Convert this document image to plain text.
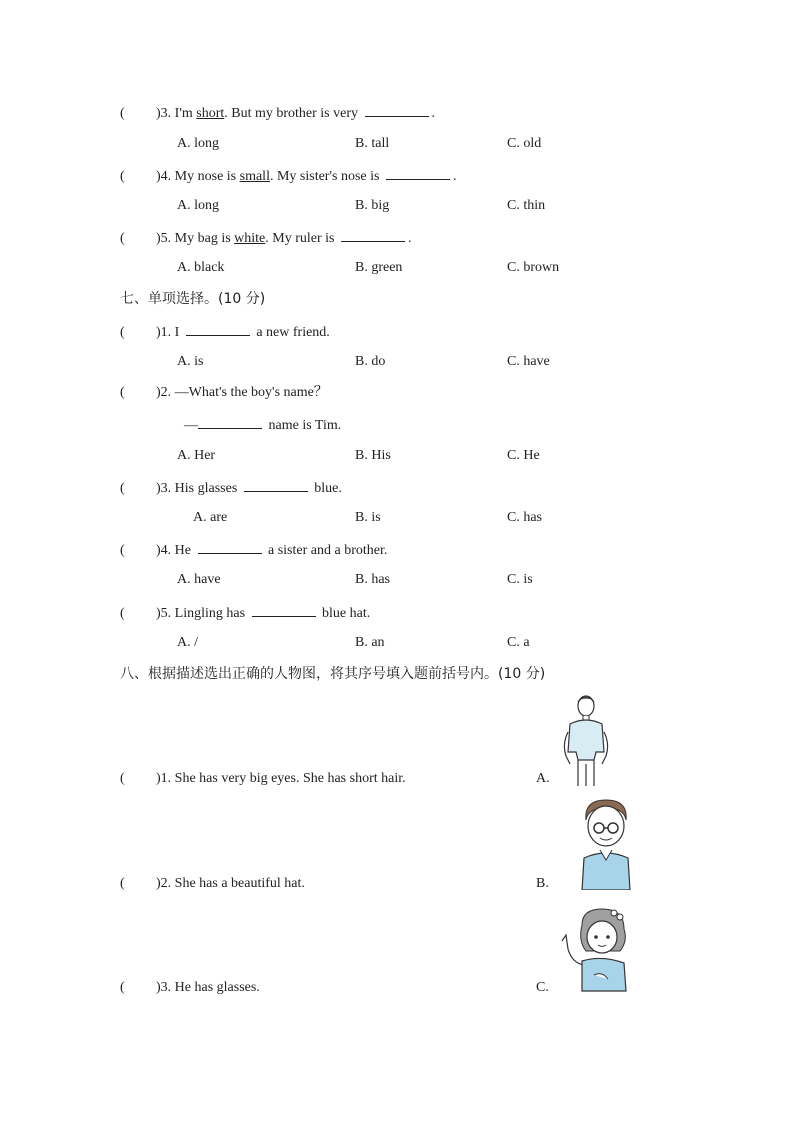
( )3. I'm short. But my brother is very	.
A. long	B. tall	C. old
( )4. My nose is small. My sister's nose is	.
A. long	B. big	C. thin
( )5. My bag is white. My ruler is	.
A. black	B. green	C. brown
七、单项选择。(10 分)
( )1. I	a new friend.
A. is	B. do	C. have
( )2. —What's the boy's name？
—	name is Tim.
A. Her	B. His	C. He
( )3. His glasses	blue.
A. are	B. is	C. has
( )4. He	a sister and a brother.
A. have	B. has	C. is
( )5. Lingling has	blue hat.
A. /	B. an	C. a
八、根据描述选出正确的人物图，将其序号填入题前括号内。(10 分)
( )1. She has very big eyes. She has short hair.	A.
( )2. She has a beautiful hat.	B.
( )3. He has glasses.	C.
